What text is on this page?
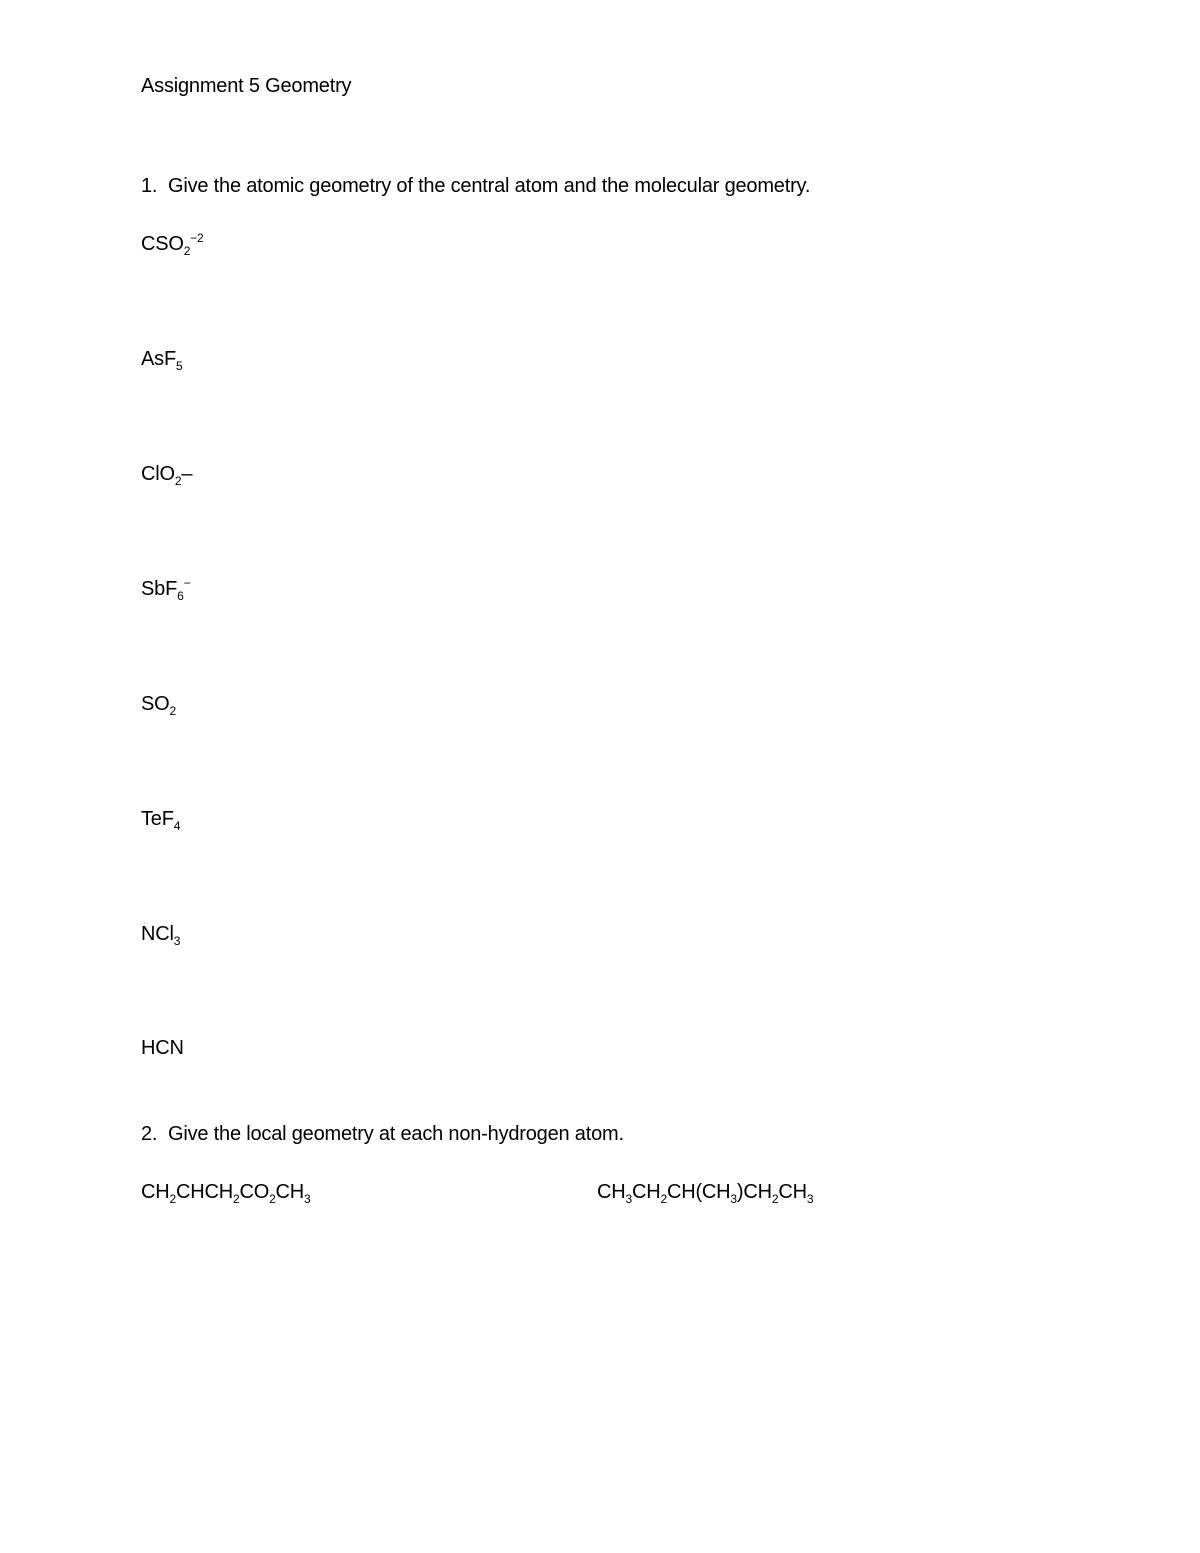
Assignment 5 Geometry
1. Give the atomic geometry of the central atom and the molecular geometry.
$CSO_2^{-2}$
AsF$_5$
ClO$_2$–
SbF$_6$−
$SO_2$
TeF$_4$
NCl$_3$
HCN
2. Give the local geometry at each non-hydrogen atom.
$CH_2CHCH_2CO_2CH_3$	$CH_3CH_2CH(CH_3)CH_2CH_3$
